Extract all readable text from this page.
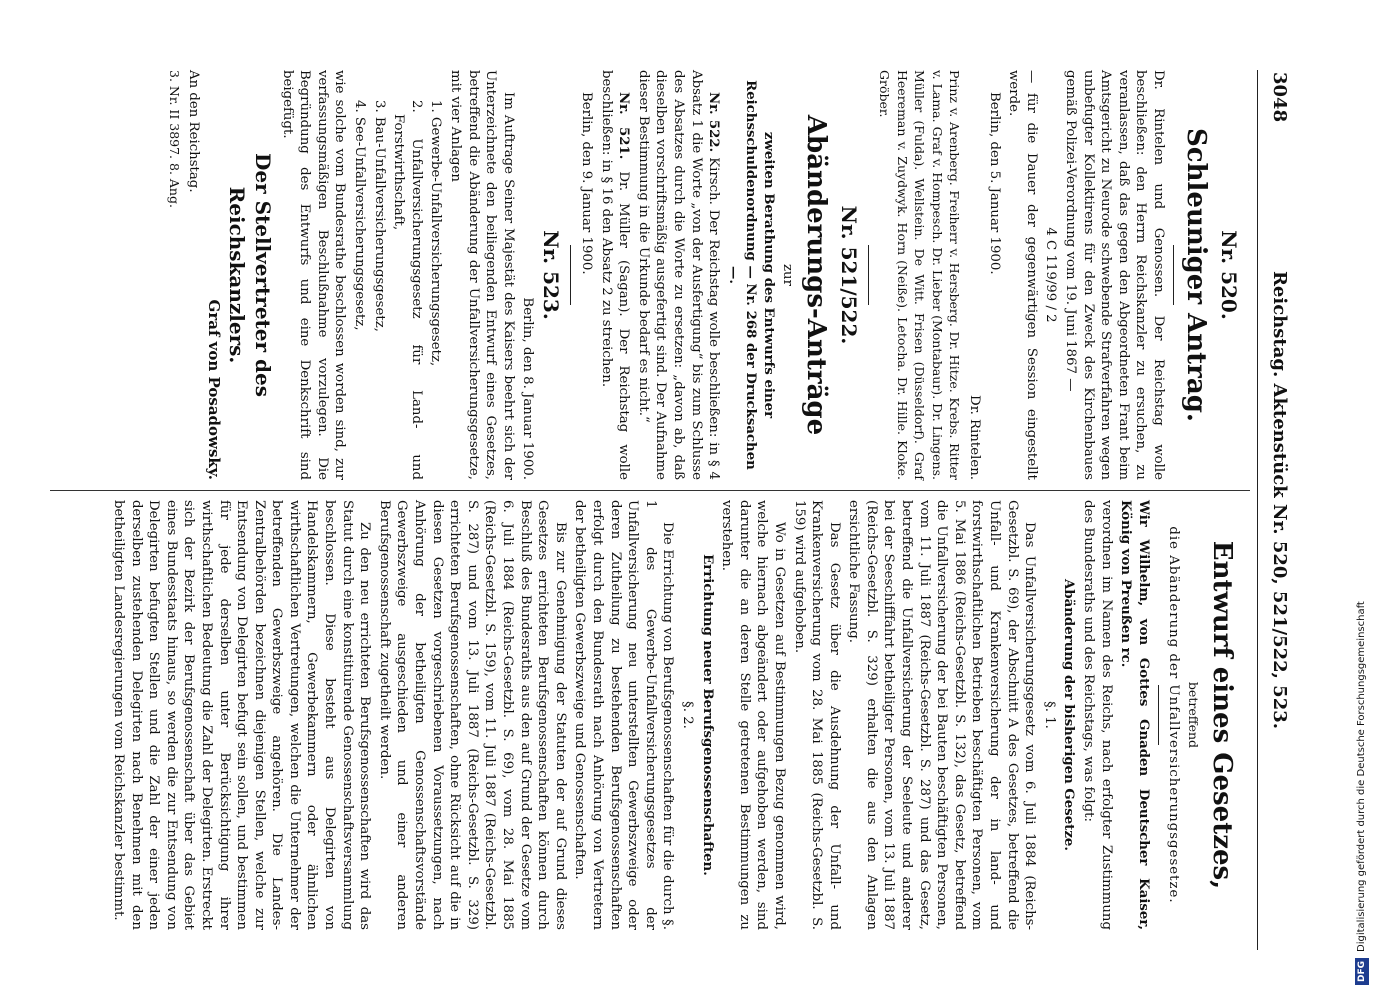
3048
Reichstag. Aktenstück Nr. 520, 521/522, 523.

Nr. 520.

Schleuniger Antrag.

Dr. Rintelen und Genossen. Der Reichstag wolle beschließen: den Herrn Reichskanzler zu ersuchen, zu veranlassen, daß das gegen den Abgeordneten Frant beim Amtsgericht zu Neurode schwebende Strafverfahren wegen unbefugter Kollektirens für den Zweck des Kirchenbaues gemäß Polizei-Verordnung vom 19. Juni 1867 —

4 C 119/99 / 2

— für die Dauer der gegenwärtigen Session eingestellt werde.

Berlin, den 5. Januar 1900.

Dr. Rintelen.

Prinz v. Arenberg. Freiherr v. Hersberg. Dr. Hitze. Krebs. Ritter v. Lama. Graf v. Hompesch. Dr. Lieber (Montabaur). Dr. Lingens. Müller (Fulda). Wellstein. De Witt. Frisen (Düsseldorf). Graf Heereman v. Zuydwyk. Horn (Neiße). Letocha. Dr. Hille. Kloke. Gröber.

Nr. 521/522.

Abänderungs-Anträge

zur

zweiten Berathung des Entwurfs einer Reichsschuldenordnung — Nr. 268 der Drucksachen —.

Nr. 522. Kirsch. Der Reichstag wolle beschließen: in § 4 Absatz 1 die Worte „von der Ausfertigung“ bis zum Schlusse des Absatzes durch die Worte zu ersetzen: „davon ab, daß dieselben vorschriftsmäßig ausgefertigt sind. Der Aufnahme dieser Bestimmung in die Urkunde bedarf es nicht.“

Nr. 521. Dr. Müller (Sagan). Der Reichstag wolle beschließen: in § 16 den Absatz 2 zu streichen.

Berlin, den 9. Januar 1900.

Nr. 523.

Berlin, den 8. Januar 1900.

Im Auftrage Seiner Majestät des Kaisers beehrt sich der Unterzeichnete den beiliegenden Entwurf eines Gesetzes, betreffend die Abänderung der Unfallversicherungsgesetze, mit vier Anlagen

1. Gewerbe-Unfallversicherungsgesetz,

2. Unfallversicherungsgesetz für Land- und Forstwirthschaft,

3. Bau-Unfallversicherungsgesetz,

4. See-Unfallversicherungsgesetz,

wie solche vom Bundesrathe beschlossen worden sind, zur verfassungsmäßigen Beschlußnahme vorzulegen. Die Begründung des Entwurfs und eine Denkschrift sind beigefügt.

Der Stellvertreter des Reichskanzlers.

Graf von Posadowsky.

An den Reichstag.

3. Nr. II 3897. 8. Ang.

Entwurf eines Gesetzes,

betreffend

die Abänderung der Unfallversicherungsgesetze.

Wir Wilhelm, von Gottes Gnaden Deutscher Kaiser, König von Preußen rc.

verordnen im Namen des Reichs, nach erfolgter Zustimmung des Bundesraths und des Reichstags, was folgt:

Abänderung der bisherigen Gesetze.

§. 1.

Das Unfallversicherungsgesetz vom 6. Juli 1884 (Reichs-Gesetzbl. S. 69), der Abschnitt A des Gesetzes, betreffend die Unfall- und Krankenversicherung der in land- und forstwirthschaftlichen Betrieben beschäftigten Personen, vom 5. Mai 1886 (Reichs-Gesetzbl. S. 132), das Gesetz, betreffend die Unfallversicherung der bei Bauten beschäftigten Personen, vom 11. Juli 1887 (Reichs-Gesetzbl. S. 287) und das Gesetz, betreffend die Unfallversicherung der Seeleute und anderer bei der Seeschifffahrt betheiligter Personen, vom 13. Juli 1887 (Reichs-Gesetzbl. S. 329) erhalten die aus den Anlagen ersichtliche Fassung.

Das Gesetz über die Ausdehnung der Unfall- und Krankenversicherung vom 28. Mai 1885 (Reichs-Gesetzbl. S. 159) wird aufgehoben.

Wo in Gesetzen auf Bestimmungen Bezug genommen wird, welche hiernach abgeändert oder aufgehoben werden, sind darunter die an deren Stelle getretenen Bestimmungen zu verstehen.

Errichtung neuer Berufsgenossenschaften.

§. 2.

Die Errichtung von Berufsgenossenschaften für die durch §. 1 des Gewerbe-Unfallversicherungsgesetzes der Unfallversicherung neu unterstellten Gewerbszweige oder deren Zutheilung zu bestehenden Berufsgenossenschaften erfolgt durch den Bundesrath nach Anhörung von Vertretern der betheiligten Gewerbszweige und Genossenschaften.

Bis zur Genehmigung der Statuten der auf Grund dieses Gesetzes errichteten Berufsgenossenschaften können durch Beschluß des Bundesraths aus den auf Grund der Gesetze vom 6. Juli 1884 (Reichs-Gesetzbl. S. 69), vom 28. Mai 1885 (Reichs-Gesetzbl. S. 159), vom 11. Juli 1887 (Reichs-Gesetzbl. S. 287) und vom 13. Juli 1887 (Reichs-Gesetzbl. S. 329) errichteten Berufsgenossenschaften, ohne Rücksicht auf die in diesen Gesetzen vorgeschriebenen Voraussetzungen, nach Anhörung der betheiligten Genossenschaftsvorstände Gewerbszweige ausgeschieden und einer anderen Berufsgenossenschaft zugetheilt werden.

Zu den neu errichteten Berufsgenossenschaften wird das Statut durch eine konstituirende Genossenschaftsversammlung beschlossen. Diese besteht aus Delegirten von Handelskammern, Gewerbekammern oder ähnlichen wirthschaftlichen Vertretungen, welchen die Unternehmer der betreffenden Gewerbszweige angehören. Die Landes-Zentralbehörden bezeichnen diejenigen Stellen, welche zur Entsendung von Delegirten befugt sein sollen, und bestimmen für jede derselben unter Berücksichtigung ihrer wirthschaftlichen Bedeutung die Zahl der Delegirten. Erstreckt sich der Bezirk der Berufsgenossenschaft über das Gebiet eines Bundesstaats hinaus, so werden die zur Entsendung von Delegirten befugten Stellen und die Zahl der einer jeden derselben zustehenden Delegirten nach Benehmen mit den betheiligten Landesregierungen vom Reichskanzler bestimmt.

DFGDigitalisierung gefördert durch die Deutsche Forschungsgemeinschaft
